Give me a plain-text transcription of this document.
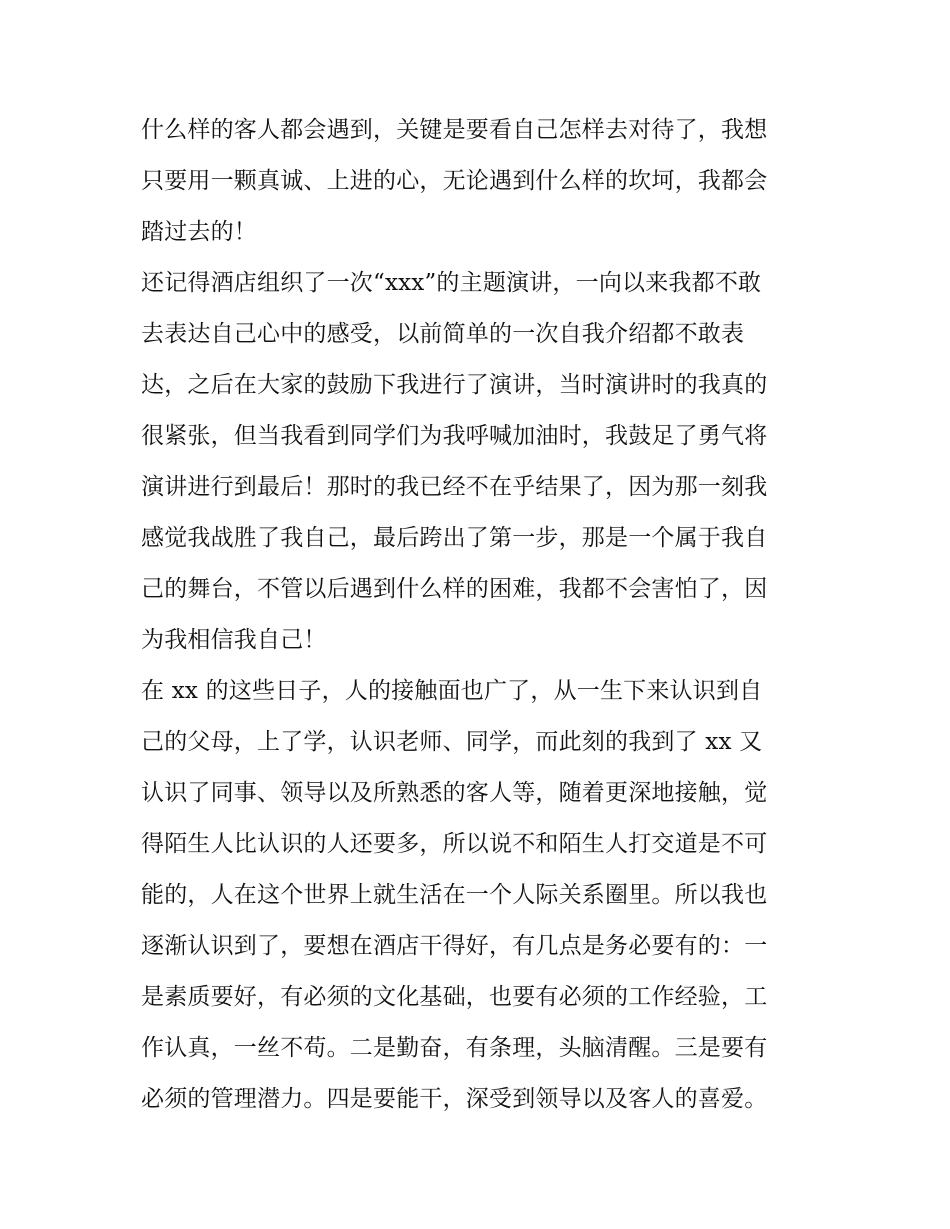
什么样的客人都会遇到，关键是要看自己怎样去对待了，我想
只要用一颗真诚、上进的心，无论遇到什么样的坎坷，我都会
踏过去的！
还记得酒店组织了一次“xxx”的主题演讲，一向以来我都不敢
去表达自己心中的感受，以前简单的一次自我介绍都不敢表
达，之后在大家的鼓励下我进行了演讲，当时演讲时的我真的
很紧张，但当我看到同学们为我呼喊加油时，我鼓足了勇气将
演讲进行到最后！那时的我已经不在乎结果了，因为那一刻我
感觉我战胜了我自己，最后跨出了第一步，那是一个属于我自
己的舞台，不管以后遇到什么样的困难，我都不会害怕了，因
为我相信我自己！
在 xx 的这些日子，人的接触面也广了，从一生下来认识到自
己的父母，上了学，认识老师、同学，而此刻的我到了 xx 又
认识了同事、领导以及所熟悉的客人等，随着更深地接触，觉
得陌生人比认识的人还要多，所以说不和陌生人打交道是不可
能的，人在这个世界上就生活在一个人际关系圈里。所以我也
逐渐认识到了，要想在酒店干得好，有几点是务必要有的：一
是素质要好，有必须的文化基础，也要有必须的工作经验，工
作认真，一丝不苟。二是勤奋，有条理，头脑清醒。三是要有
必须的管理潜力。四是要能干，深受到领导以及客人的喜爱。
